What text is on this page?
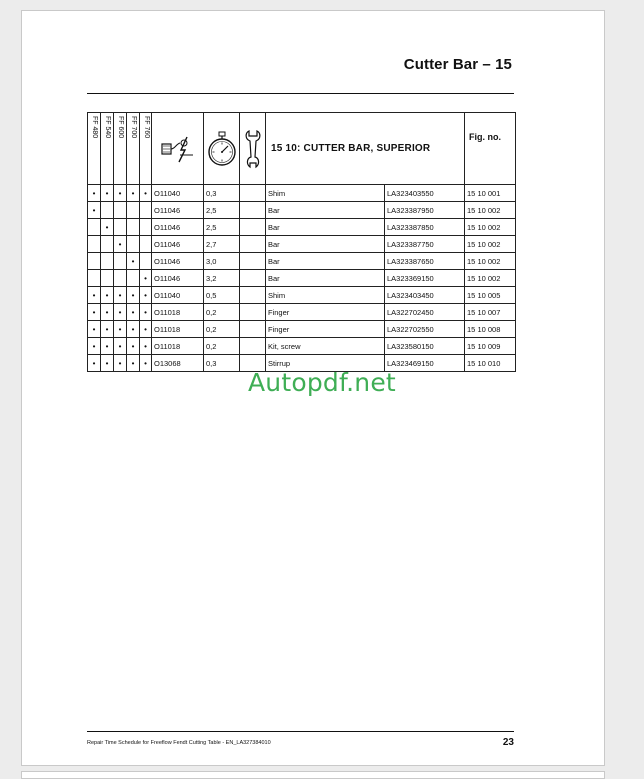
Cutter Bar – 15
FF 480	FF 540	FF 600	FF 700	FF 760				15 10: CUTTER BAR, SUPERIOR		Fig. no.
•	•	•	•	•	O11040	0,3		Shim	LA323403550	15 10 001
•					O11046	2,5		Bar	LA323387950	15 10 002
	•				O11046	2,5		Bar	LA323387850	15 10 002
		•			O11046	2,7		Bar	LA323387750	15 10 002
			•		O11046	3,0		Bar	LA323387650	15 10 002
				•	O11046	3,2		Bar	LA323369150	15 10 002
•	•	•	•	•	O11040	0,5		Shim	LA323403450	15 10 005
•	•	•	•	•	O11018	0,2		Finger	LA322702450	15 10 007
•	•	•	•	•	O11018	0,2		Finger	LA322702550	15 10 008
•	•	•	•	•	O11018	0,2		Kit, screw	LA323580150	15 10 009
•	•	•	•	•	O13068	0,3		Stirrup	LA323469150	15 10 010
Autopdf.net
Repair Time Schedule for Freeflow Fendt Cutting Table - EN_LA327384010	23
